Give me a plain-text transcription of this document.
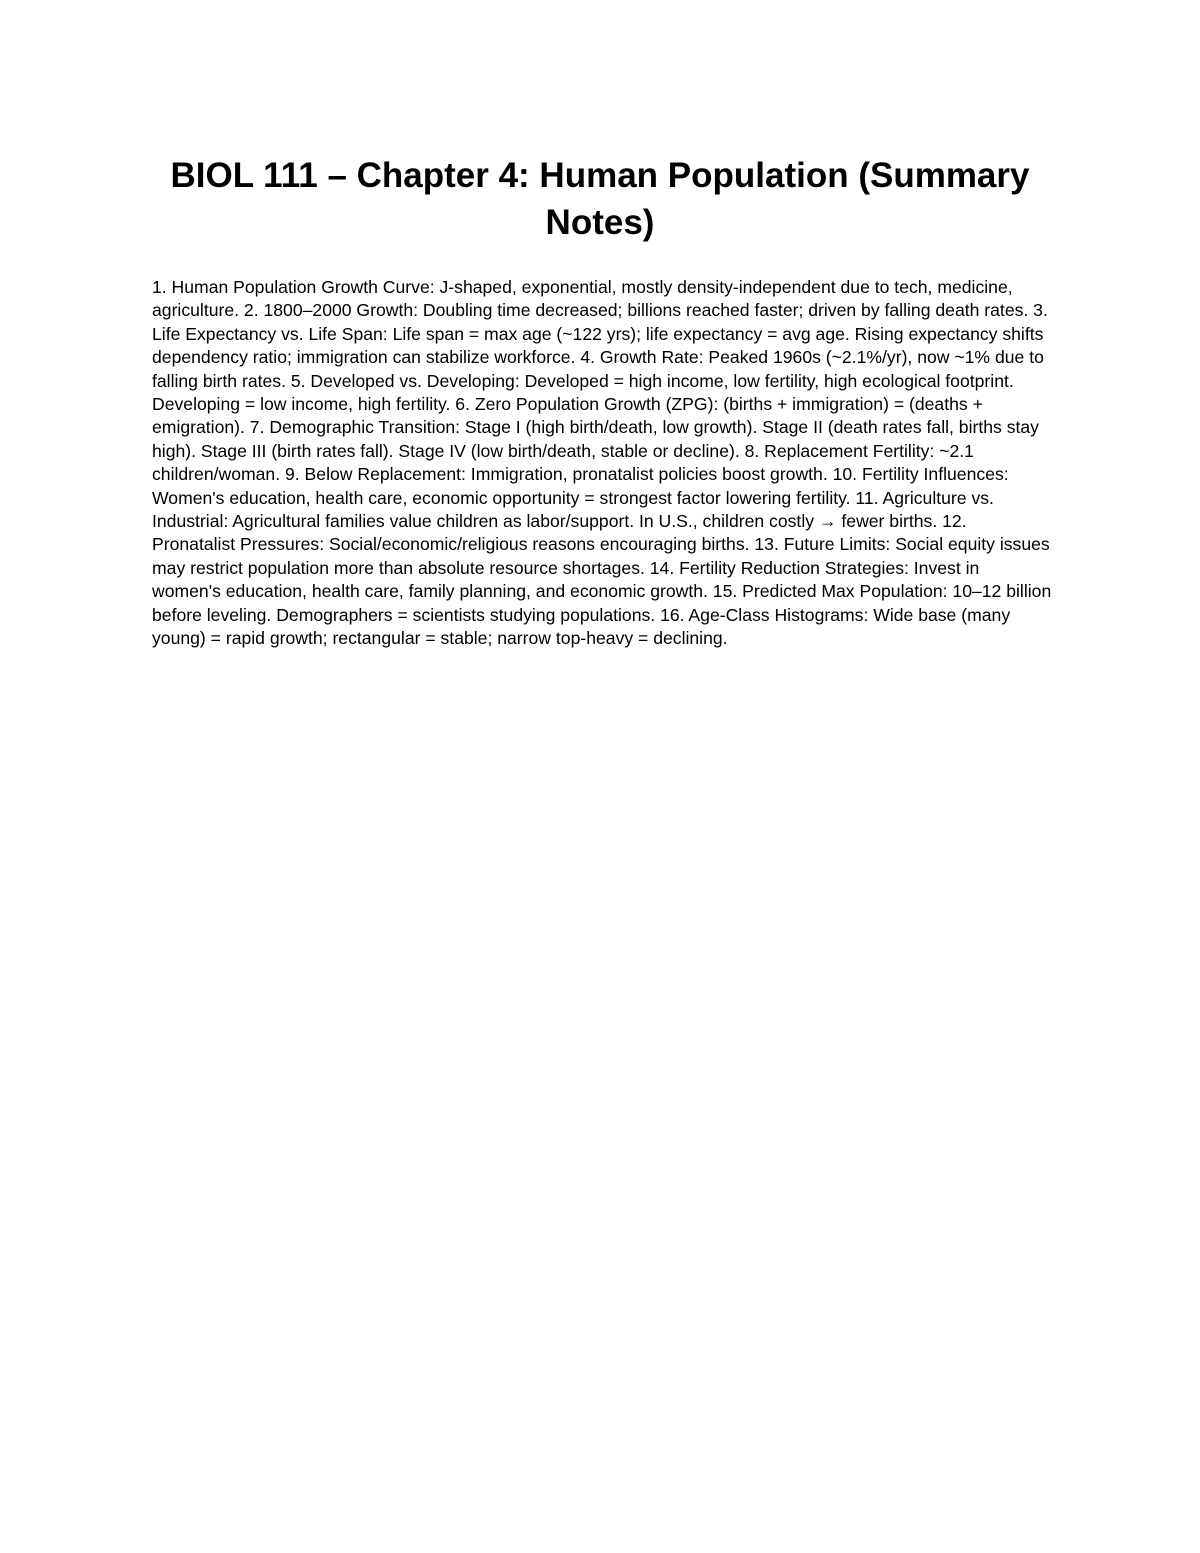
BIOL 111 – Chapter 4: Human Population (Summary Notes)

1. Human Population Growth Curve: J-shaped, exponential, mostly density-independent due to tech, medicine, agriculture. 2. 1800–2000 Growth: Doubling time decreased; billions reached faster; driven by falling death rates. 3. Life Expectancy vs. Life Span: Life span = max age (~122 yrs); life expectancy = avg age. Rising expectancy shifts dependency ratio; immigration can stabilize workforce. 4. Growth Rate: Peaked 1960s (~2.1%/yr), now ~1% due to falling birth rates. 5. Developed vs. Developing: Developed = high income, low fertility, high ecological footprint. Developing = low income, high fertility. 6. Zero Population Growth (ZPG): (births + immigration) = (deaths + emigration). 7. Demographic Transition: Stage I (high birth/death, low growth). Stage II (death rates fall, births stay high). Stage III (birth rates fall). Stage IV (low birth/death, stable or decline). 8. Replacement Fertility: ~2.1 children/woman. 9. Below Replacement: Immigration, pronatalist policies boost growth. 10. Fertility Influences: Women's education, health care, economic opportunity = strongest factor lowering fertility. 11. Agriculture vs. Industrial: Agricultural families value children as labor/support. In U.S., children costly → fewer births. 12. Pronatalist Pressures: Social/economic/religious reasons encouraging births. 13. Future Limits: Social equity issues may restrict population more than absolute resource shortages. 14. Fertility Reduction Strategies: Invest in women's education, health care, family planning, and economic growth. 15. Predicted Max Population: 10–12 billion before leveling. Demographers = scientists studying populations. 16. Age-Class Histograms: Wide base (many young) = rapid growth; rectangular = stable; narrow top-heavy = declining.
